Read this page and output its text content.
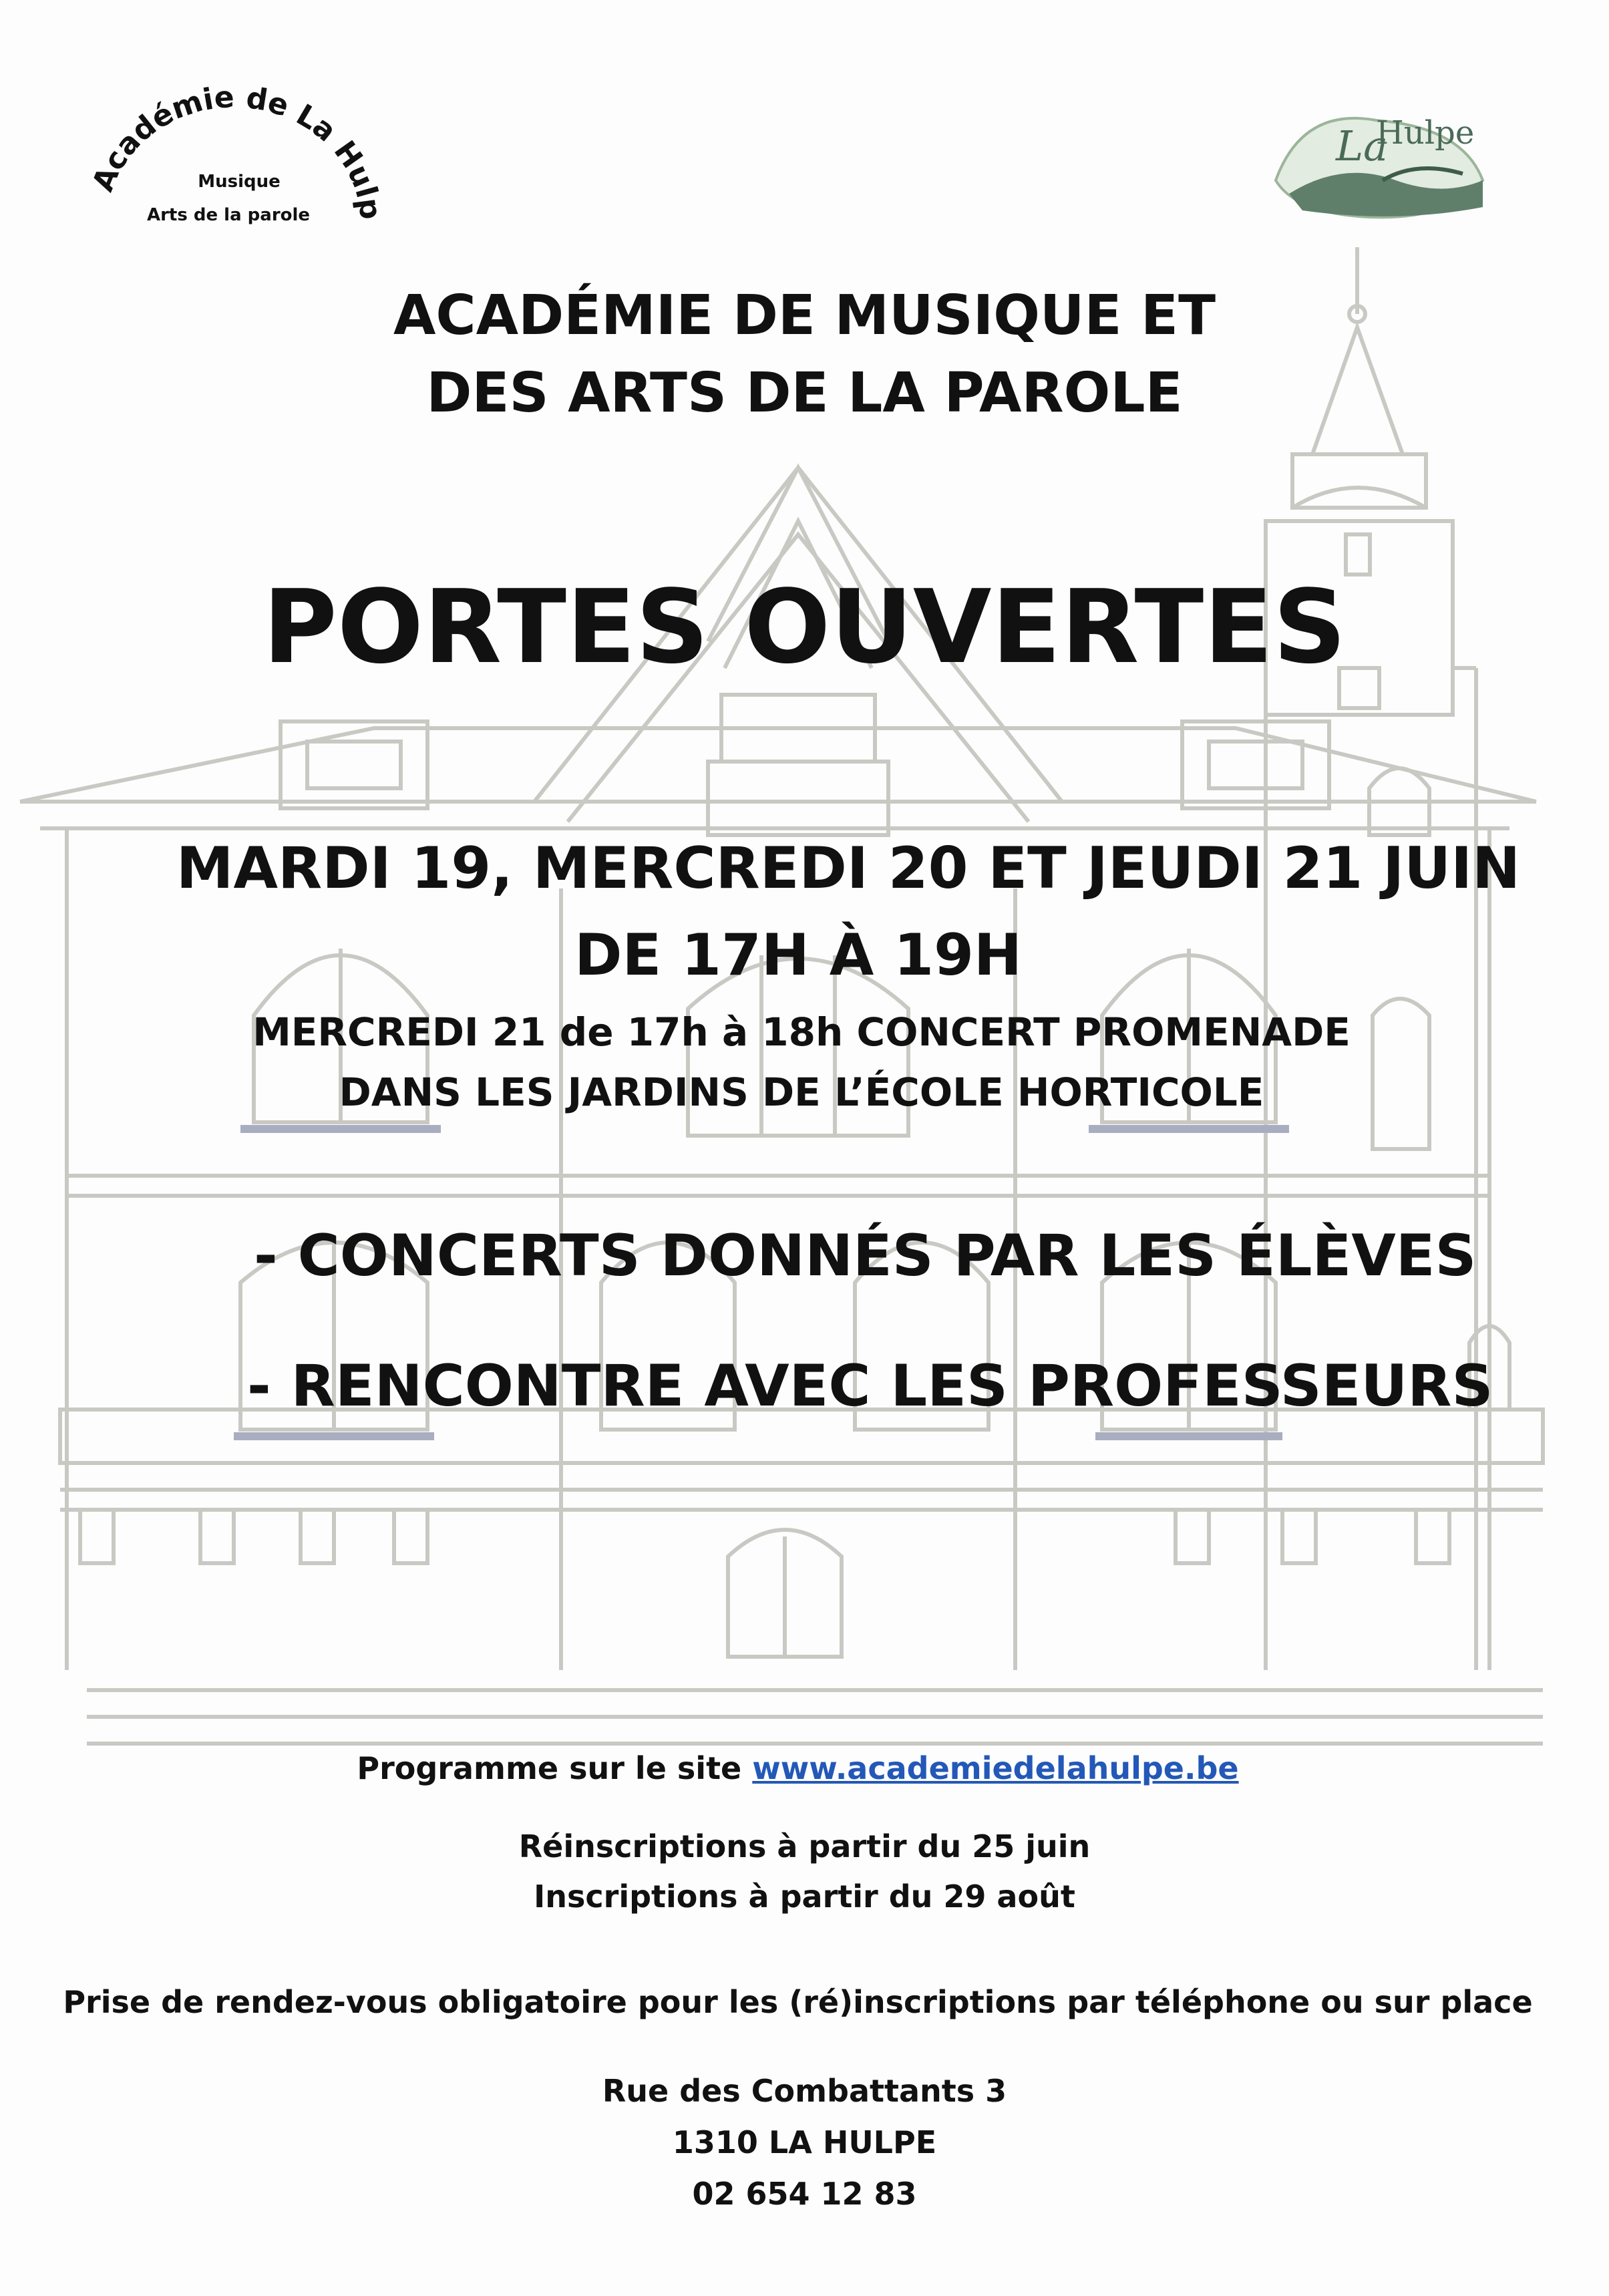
Académie de La Hul
Musique
Arts de la parole
La
Hulpe
ACADÉMIE DE MUSIQUE ET
DES ARTS DE LA PAROLE
PORTES OUVERTES
MARDI 19, MERCREDI 20 ET JEUDI 21 JUIN
DE 17H À 19H
MERCREDI 21 de 17h à 18h CONCERT PROMENADE
DANS LES JARDINS DE L’ÉCOLE HORTICOLE
- CONCERTS DONNÉS PAR LES ÉLÈVES
- RENCONTRE AVEC LES PROFESSEURS
Programme sur le site www.academiedelahulpe.be
Réinscriptions à partir du 25 juin
Inscriptions à partir du 29 août
Prise de rendez-vous obligatoire pour les (ré)inscriptions par téléphone ou sur place
Rue des Combattants 3
1310 LA HULPE
02 654 12 83
